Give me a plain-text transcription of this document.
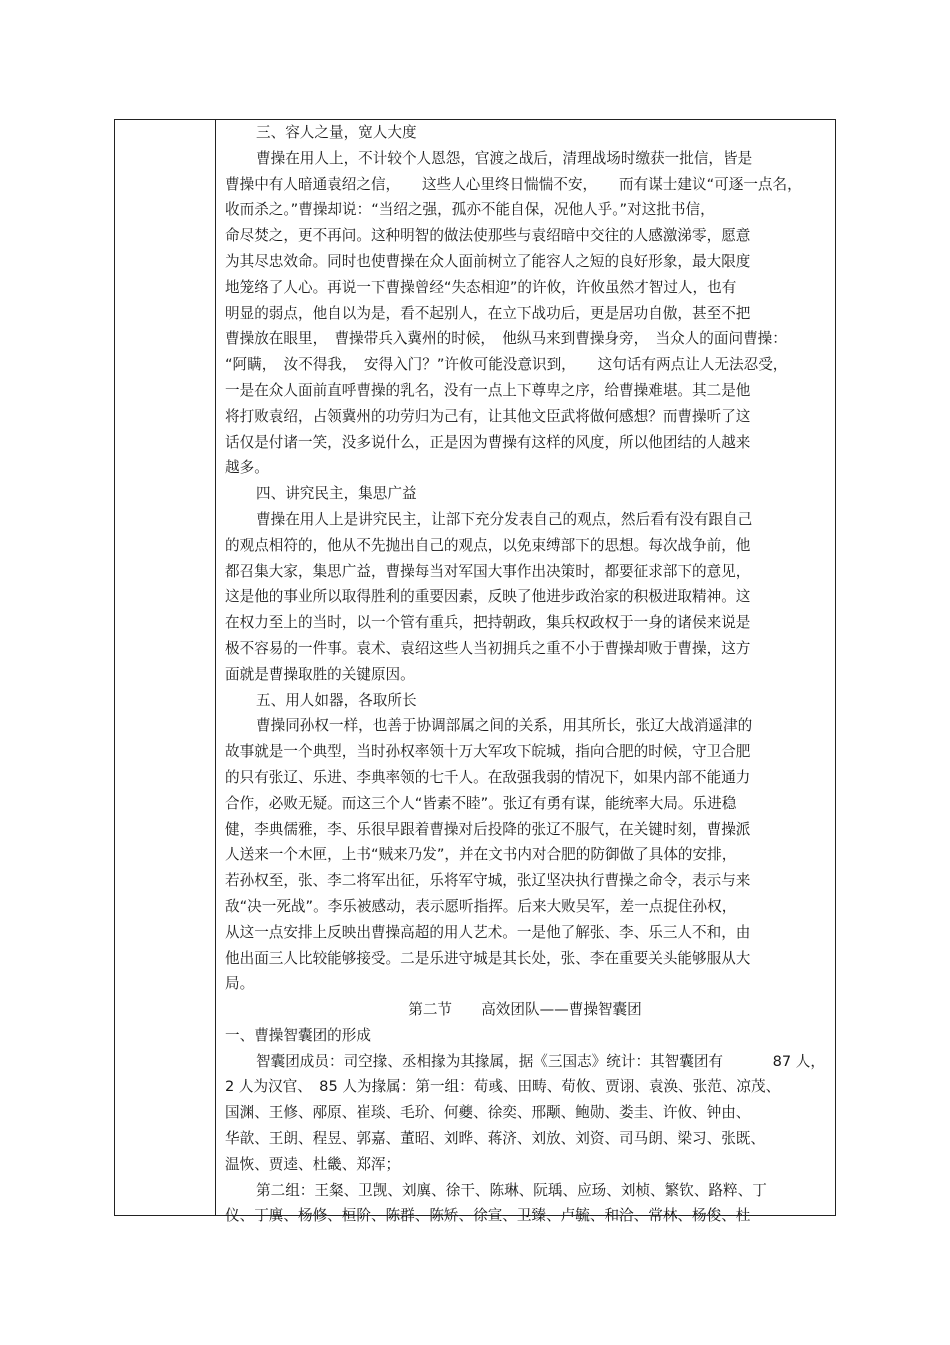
三、容人之量，宽人大度
曹操在用人上，不计较个人恩怨，官渡之战后，清理战场时缴获一批信，皆是
曹操中有人暗通袁绍之信，　　这些人心里终日惴惴不安，　　而有谋士建议“可逐一点名，
收而杀之。”曹操却说：“当绍之强，孤亦不能自保，况他人乎。”对这批书信，
命尽焚之，更不再问。这种明智的做法使那些与袁绍暗中交往的人感激涕零，愿意
为其尽忠效命。同时也使曹操在众人面前树立了能容人之短的良好形象，最大限度
地笼络了人心。再说一下曹操曾经“失态相迎”的许攸，许攸虽然才智过人，也有
明显的弱点，他自以为是，看不起别人，在立下战功后，更是居功自傲，甚至不把
曹操放在眼里，　曹操带兵入冀州的时候，　他纵马来到曹操身旁，　当众人的面问曹操：
“阿瞒，　汝不得我，　安得入门？”许攸可能没意识到，　　这句话有两点让人无法忍受，
一是在众人面前直呼曹操的乳名，没有一点上下尊卑之序，给曹操难堪。其二是他
将打败袁绍，占领冀州的功劳归为己有，让其他文臣武将做何感想？而曹操听了这
话仅是付诸一笑，没多说什么，正是因为曹操有这样的风度，所以他团结的人越来
越多。
四、讲究民主，集思广益
曹操在用人上是讲究民主，让部下充分发表自己的观点，然后看有没有跟自己
的观点相符的，他从不先抛出自己的观点，以免束缚部下的思想。每次战争前，他
都召集大家，集思广益，曹操每当对军国大事作出决策时，都要征求部下的意见，
这是他的事业所以取得胜利的重要因素，反映了他进步政治家的积极进取精神。这
在权力至上的当时，以一个管有重兵，把持朝政，集兵权政权于一身的诸侯来说是
极不容易的一件事。袁术、袁绍这些人当初拥兵之重不小于曹操却败于曹操，这方
面就是曹操取胜的关键原因。
五、用人如器，各取所长
曹操同孙权一样，也善于协调部属之间的关系，用其所长，张辽大战消遥津的
故事就是一个典型，当时孙权率领十万大军攻下皖城，指向合肥的时候，守卫合肥
的只有张辽、乐进、李典率领的七千人。在敌强我弱的情况下，如果内部不能通力
合作，必败无疑。而这三个人“皆素不睦”。张辽有勇有谋，能统率大局。乐进稳
健，李典儒雅，李、乐很早跟着曹操对后投降的张辽不服气，在关键时刻，曹操派
人送来一个木匣，上书“贼来乃发”，并在文书内对合肥的防御做了具体的安排，
若孙权至，张、李二将军出征，乐将军守城，张辽坚决执行曹操之命令，表示与来
敌“决一死战”。李乐被感动，表示愿听指挥。后来大败吴军，差一点捉住孙权，
从这一点安排上反映出曹操高超的用人艺术。一是他了解张、李、乐三人不和，由
他出面三人比较能够接受。二是乐进守城是其长处，张、李在重要关头能够服从大
局。
第二节　　高效团队——曹操智囊团
一、曹操智囊团的形成
智囊团成员：司空掾、丞相掾为其掾属，据《三国志》统计：其智囊团有	87 人，
2 人为汉官、　85 人为掾属：第一组：荀彧、田畴、荀攸、贾诩、袁涣、张范、凉茂、
国渊、王修、邴原、崔琰、毛玠、何夔、徐奕、邢颙、鲍勋、娄圭、许攸、钟由、
华歆、王朗、程昱、郭嘉、董昭、刘晔、蒋济、刘放、刘资、司马朗、梁习、张既、
温恢、贾逵、杜畿、郑浑；
第二组：王粲、卫觊、刘廙、徐干、陈琳、阮瑀、应玚、刘桢、繁钦、路粹、丁
仪、丁廙、杨修、桓阶、陈群、陈矫、徐宣、卫臻、卢毓、和洽、常林、杨俊、杜
